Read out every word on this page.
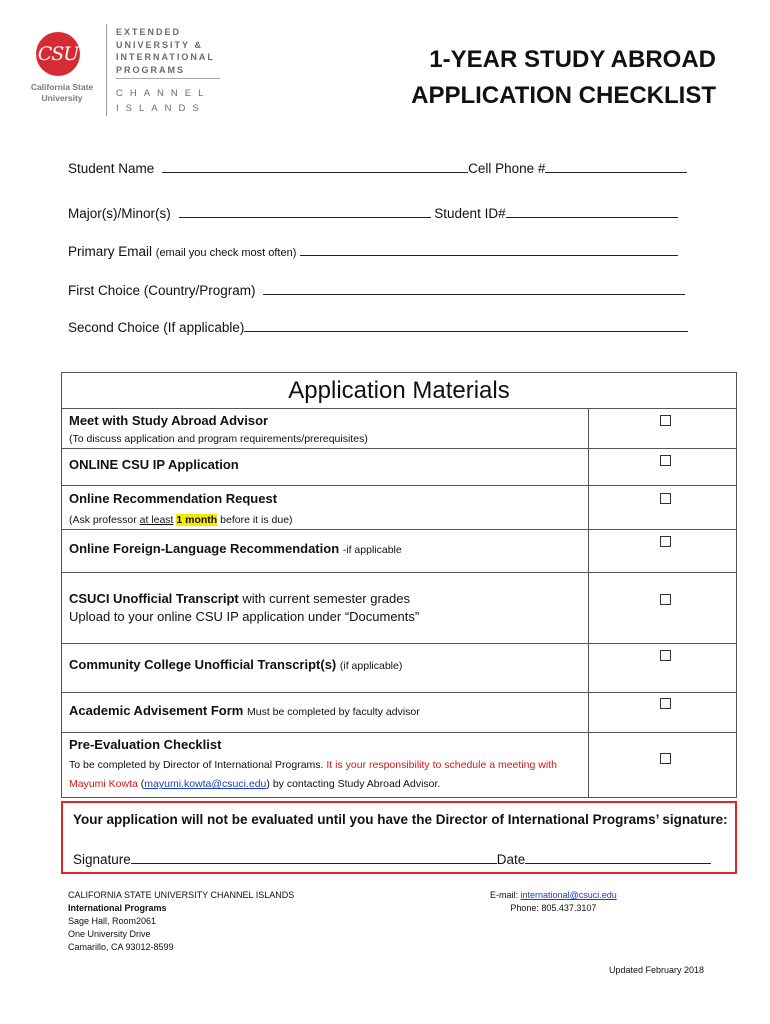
CSU
California State
University
EXTENDED
UNIVERSITY &
INTERNATIONAL
PROGRAMS
CHANNEL
ISLANDS
1-YEAR STUDY ABROAD
APPLICATION CHECKLIST
Student Name	Cell Phone #
Major(s)/Minor(s)	Student ID#
Primary Email (email you check most often)
First Choice (Country/Program)
Second Choice (If applicable)
Application Materials
Meet with Study Abroad Advisor
(To discuss application and program requirements/prerequisites)
ONLINE CSU IP Application
Online Recommendation Request
(Ask professor at least 1 month before it is due)
Online Foreign-Language Recommendation -if applicable
CSUCI Unofficial Transcript with current semester grades
Upload to your online CSU IP application under “Documents”
Community College Unofficial Transcript(s) (if applicable)
Academic Advisement Form Must be completed by faculty advisor
Pre-Evaluation Checklist
To be completed by Director of International Programs. It is your responsibility to schedule a meeting with Mayumi Kowta (mayumi.kowta@csuci.edu) by contacting Study Abroad Advisor.
Your application will not be evaluated until you have the Director of International Programs’ signature:
Signature	Date
CALIFORNIA STATE UNIVERSITY CHANNEL ISLANDS
International Programs
Sage Hall, Room2061
One University Drive
Camarillo, CA 93012-8599
E-mail: international@csuci.edu
Phone: 805.437.3107
Updated February 2018
